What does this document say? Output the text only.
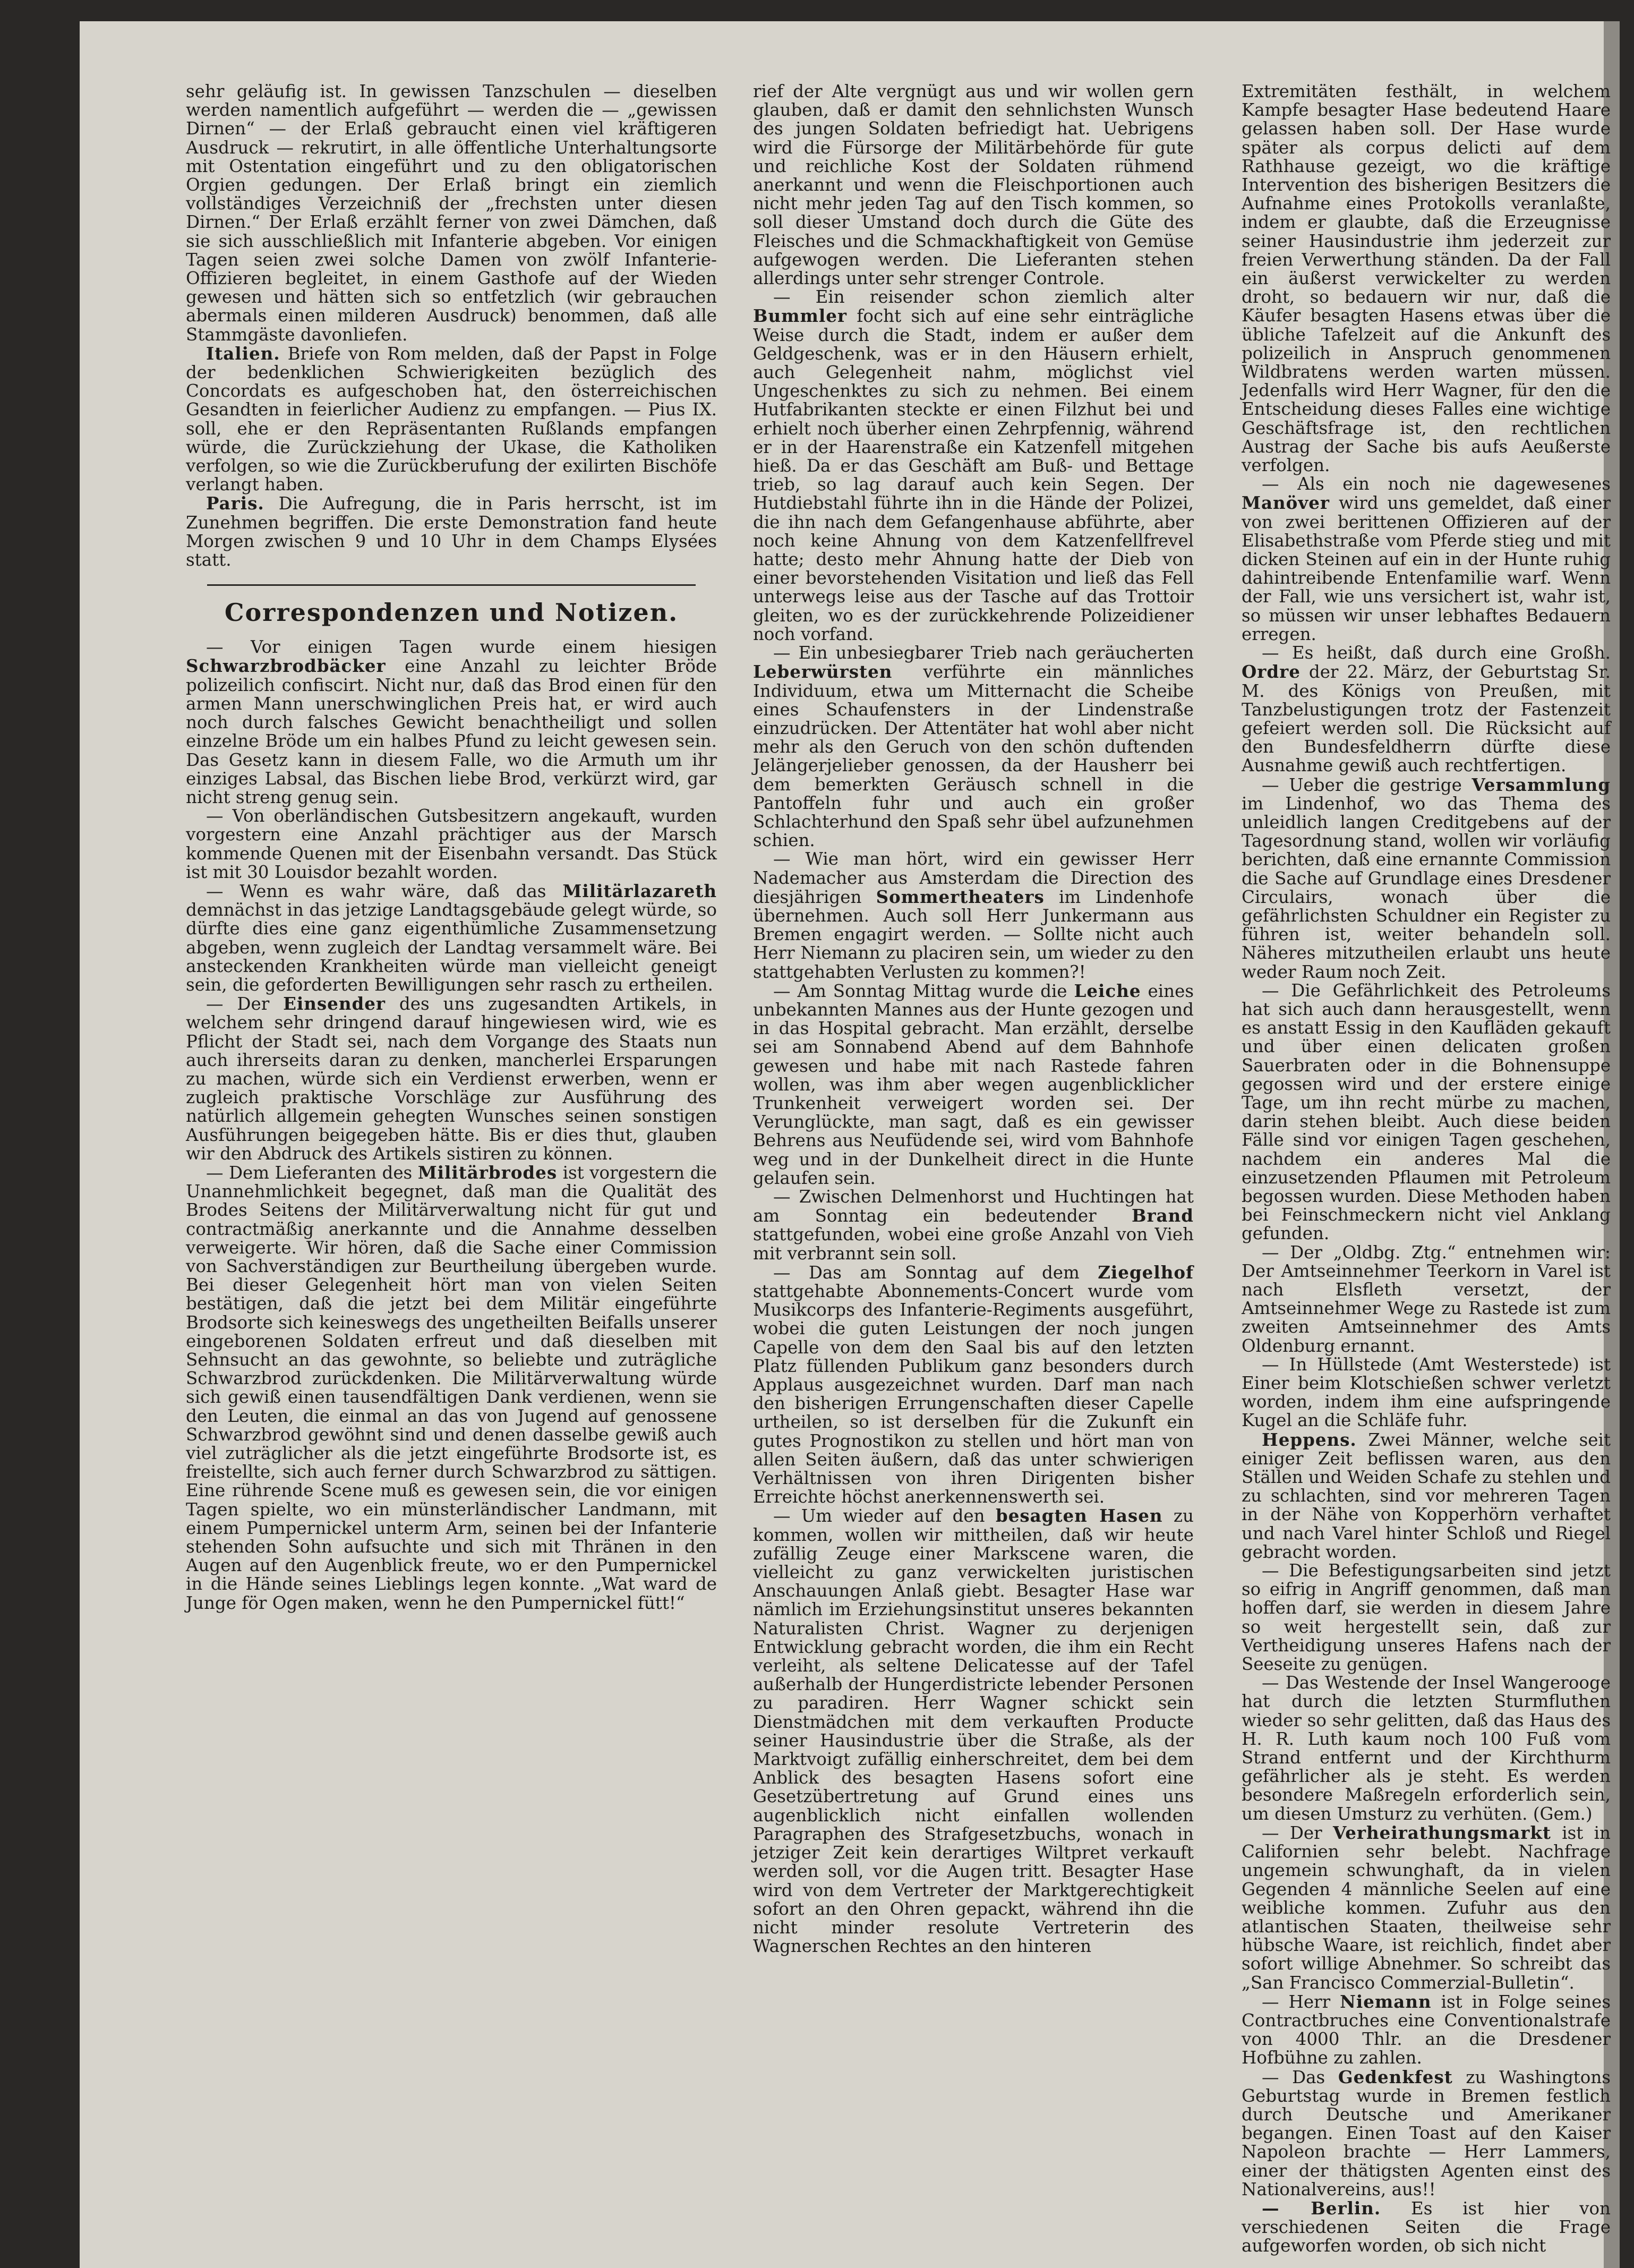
sehr geläufig ist. In gewissen Tanzschulen — dieselben werden namentlich aufgeführt — werden die — „gewissen Dirnen“ — der Erlaß gebraucht einen viel kräftigeren Ausdruck — rekrutirt, in alle öffentliche Unterhaltungsorte mit Ostentation eingeführt und zu den obligatorischen Orgien gedungen. Der Erlaß bringt ein ziemlich vollständiges Verzeichniß der „frechsten unter diesen Dirnen.“ Der Erlaß erzählt ferner von zwei Dämchen, daß sie sich ausschließlich mit Infanterie abgeben. Vor einigen Tagen seien zwei solche Damen von zwölf Infanterie-Offizieren begleitet, in einem Gasthofe auf der Wieden gewesen und hätten sich so entfetzlich (wir gebrauchen abermals einen milderen Ausdruck) benommen, daß alle Stammgäste davonliefen.

Italien. Briefe von Rom melden, daß der Papst in Folge der bedenklichen Schwierigkeiten bezüglich des Concordats es aufgeschoben hat, den österreichischen Gesandten in feierlicher Audienz zu empfangen. — Pius IX. soll, ehe er den Repräsentanten Rußlands empfangen würde, die Zurückziehung der Ukase, die Katholiken verfolgen, so wie die Zurückberufung der exilirten Bischöfe verlangt haben.

Paris. Die Aufregung, die in Paris herrscht, ist im Zunehmen begriffen. Die erste Demonstration fand heute Morgen zwischen 9 und 10 Uhr in dem Champs Elysées statt.

Correspondenzen und Notizen.

— Vor einigen Tagen wurde einem hiesigen Schwarzbrodbäcker eine Anzahl zu leichter Bröde polizeilich confiscirt. Nicht nur, daß das Brod einen für den armen Mann unerschwinglichen Preis hat, er wird auch noch durch falsches Gewicht benachtheiligt und sollen einzelne Bröde um ein halbes Pfund zu leicht gewesen sein. Das Gesetz kann in diesem Falle, wo die Armuth um ihr einziges Labsal, das Bischen liebe Brod, verkürzt wird, gar nicht streng genug sein.

— Von oberländischen Gutsbesitzern angekauft, wurden vorgestern eine Anzahl prächtiger aus der Marsch kommende Quenen mit der Eisenbahn versandt. Das Stück ist mit 30 Louisdor bezahlt worden.

— Wenn es wahr wäre, daß das Militärlazareth demnächst in das jetzige Landtagsgebäude gelegt würde, so dürfte dies eine ganz eigenthümliche Zusammensetzung abgeben, wenn zugleich der Landtag versammelt wäre. Bei ansteckenden Krankheiten würde man vielleicht geneigt sein, die geforderten Bewilligungen sehr rasch zu ertheilen.

— Der Einsender des uns zugesandten Artikels, in welchem sehr dringend darauf hingewiesen wird, wie es Pflicht der Stadt sei, nach dem Vorgange des Staats nun auch ihrerseits daran zu denken, mancherlei Ersparungen zu machen, würde sich ein Verdienst erwerben, wenn er zugleich praktische Vorschläge zur Ausführung des natürlich allgemein gehegten Wunsches seinen sonstigen Ausführungen beigegeben hätte. Bis er dies thut, glauben wir den Abdruck des Artikels sistiren zu können.

— Dem Lieferanten des Militärbrodes ist vorgestern die Unannehmlichkeit begegnet, daß man die Qualität des Brodes Seitens der Militärverwaltung nicht für gut und contractmäßig anerkannte und die Annahme desselben verweigerte. Wir hören, daß die Sache einer Commission von Sachverständigen zur Beurtheilung übergeben wurde. Bei dieser Gelegenheit hört man von vielen Seiten bestätigen, daß die jetzt bei dem Militär eingeführte Brodsorte sich keineswegs des ungetheilten Beifalls unserer eingeborenen Soldaten erfreut und daß dieselben mit Sehnsucht an das gewohnte, so beliebte und zuträgliche Schwarzbrod zurückdenken. Die Militärverwaltung würde sich gewiß einen tausendfältigen Dank verdienen, wenn sie den Leuten, die einmal an das von Jugend auf genossene Schwarzbrod gewöhnt sind und denen dasselbe gewiß auch viel zuträglicher als die jetzt eingeführte Brodsorte ist, es freistellte, sich auch ferner durch Schwarzbrod zu sättigen. Eine rührende Scene muß es gewesen sein, die vor einigen Tagen spielte, wo ein münsterländischer Landmann, mit einem Pumpernickel unterm Arm, seinen bei der Infanterie stehenden Sohn aufsuchte und sich mit Thränen in den Augen auf den Augenblick freute, wo er den Pumpernickel in die Hände seines Lieblings legen konnte. „Wat ward de Junge för Ogen maken, wenn he den Pumpernickel fütt!“

rief der Alte vergnügt aus und wir wollen gern glauben, daß er damit den sehnlichsten Wunsch des jungen Soldaten befriedigt hat. Uebrigens wird die Fürsorge der Militärbehörde für gute und reichliche Kost der Soldaten rühmend anerkannt und wenn die Fleischportionen auch nicht mehr jeden Tag auf den Tisch kommen, so soll dieser Umstand doch durch die Güte des Fleisches und die Schmackhaftigkeit von Gemüse aufgewogen werden. Die Lieferanten stehen allerdings unter sehr strenger Controle.

— Ein reisender schon ziemlich alter Bummler focht sich auf eine sehr einträgliche Weise durch die Stadt, indem er außer dem Geldgeschenk, was er in den Häusern erhielt, auch Gelegenheit nahm, möglichst viel Ungeschenktes zu sich zu nehmen. Bei einem Hutfabrikanten steckte er einen Filzhut bei und erhielt noch überher einen Zehrpfennig, während er in der Haarenstraße ein Katzenfell mitgehen hieß. Da er das Geschäft am Buß- und Bettage trieb, so lag darauf auch kein Segen. Der Hutdiebstahl führte ihn in die Hände der Polizei, die ihn nach dem Gefangenhause abführte, aber noch keine Ahnung von dem Katzenfellfrevel hatte; desto mehr Ahnung hatte der Dieb von einer bevorstehenden Visitation und ließ das Fell unterwegs leise aus der Tasche auf das Trottoir gleiten, wo es der zurückkehrende Polizeidiener noch vorfand.

— Ein unbesiegbarer Trieb nach geräucherten Leberwürsten verführte ein männliches Individuum, etwa um Mitternacht die Scheibe eines Schaufensters in der Lindenstraße einzudrücken. Der Attentäter hat wohl aber nicht mehr als den Geruch von den schön duftenden Jelängerjelieber genossen, da der Hausherr bei dem bemerkten Geräusch schnell in die Pantoffeln fuhr und auch ein großer Schlachterhund den Spaß sehr übel aufzunehmen schien.

— Wie man hört, wird ein gewisser Herr Nademacher aus Amsterdam die Direction des diesjährigen Sommertheaters im Lindenhofe übernehmen. Auch soll Herr Junkermann aus Bremen engagirt werden. — Sollte nicht auch Herr Niemann zu placiren sein, um wieder zu den stattgehabten Verlusten zu kommen?!

— Am Sonntag Mittag wurde die Leiche eines unbekannten Mannes aus der Hunte gezogen und in das Hospital gebracht. Man erzählt, derselbe sei am Sonnabend Abend auf dem Bahnhofe gewesen und habe mit nach Rastede fahren wollen, was ihm aber wegen augenblicklicher Trunkenheit verweigert worden sei. Der Verunglückte, man sagt, daß es ein gewisser Behrens aus Neufüdende sei, wird vom Bahnhofe weg und in der Dunkelheit direct in die Hunte gelaufen sein.

— Zwischen Delmenhorst und Huchtingen hat am Sonntag ein bedeutender Brand stattgefunden, wobei eine große Anzahl von Vieh mit verbrannt sein soll.

— Das am Sonntag auf dem Ziegelhof stattgehabte Abonnements-Concert wurde vom Musikcorps des Infanterie-Regiments ausgeführt, wobei die guten Leistungen der noch jungen Capelle von dem den Saal bis auf den letzten Platz füllenden Publikum ganz besonders durch Applaus ausgezeichnet wurden. Darf man nach den bisherigen Errungenschaften dieser Capelle urtheilen, so ist derselben für die Zukunft ein gutes Prognostikon zu stellen und hört man von allen Seiten äußern, daß das unter schwierigen Verhältnissen von ihren Dirigenten bisher Erreichte höchst anerkennenswerth sei.

— Um wieder auf den besagten Hasen zu kommen, wollen wir mittheilen, daß wir heute zufällig Zeuge einer Markscene waren, die vielleicht zu ganz verwickelten juristischen Anschauungen Anlaß giebt. Besagter Hase war nämlich im Erziehungsinstitut unseres bekannten Naturalisten Christ. Wagner zu derjenigen Entwicklung gebracht worden, die ihm ein Recht verleiht, als seltene Delicatesse auf der Tafel außerhalb der Hungerdistricte lebender Personen zu paradiren. Herr Wagner schickt sein Dienstmädchen mit dem verkauften Producte seiner Hausindustrie über die Straße, als der Marktvoigt zufällig einherschreitet, dem bei dem Anblick des besagten Hasens sofort eine Gesetzübertretung auf Grund eines uns augenblicklich nicht einfallen wollenden Paragraphen des Strafgesetzbuchs, wonach in jetziger Zeit kein derartiges Wiltpret verkauft werden soll, vor die Augen tritt. Besagter Hase wird von dem Vertreter der Marktgerechtigkeit sofort an den Ohren gepackt, während ihn die nicht minder resolute Vertreterin des Wagnerschen Rechtes an den hinteren

Extremitäten festhält, in welchem Kampfe besagter Hase bedeutend Haare gelassen haben soll. Der Hase wurde später als corpus delicti auf dem Rathhause gezeigt, wo die kräftige Intervention des bisherigen Besitzers die Aufnahme eines Protokolls veranlaßte, indem er glaubte, daß die Erzeugnisse seiner Hausindustrie ihm jederzeit zur freien Verwerthung ständen. Da der Fall ein äußerst verwickelter zu werden droht, so bedauern wir nur, daß die Käufer besagten Hasens etwas über die übliche Tafelzeit auf die Ankunft des polizeilich in Anspruch genommenen Wildbratens werden warten müssen. Jedenfalls wird Herr Wagner, für den die Entscheidung dieses Falles eine wichtige Geschäftsfrage ist, den rechtlichen Austrag der Sache bis aufs Aeußerste verfolgen.

— Als ein noch nie dagewesenes Manöver wird uns gemeldet, daß einer von zwei berittenen Offizieren auf der Elisabethstraße vom Pferde stieg und mit dicken Steinen auf ein in der Hunte ruhig dahintreibende Entenfamilie warf. Wenn der Fall, wie uns versichert ist, wahr ist, so müssen wir unser lebhaftes Bedauern erregen.

— Es heißt, daß durch eine Großh. Ordre der 22. März, der Geburtstag Sr. M. des Königs von Preußen, mit Tanzbelustigungen trotz der Fastenzeit gefeiert werden soll. Die Rücksicht auf den Bundesfeldherrn dürfte diese Ausnahme gewiß auch rechtfertigen.

— Ueber die gestrige Versammlung im Lindenhof, wo das Thema des unleidlich langen Creditgebens auf der Tagesordnung stand, wollen wir vorläufig berichten, daß eine ernannte Commission die Sache auf Grundlage eines Dresdener Circulairs, wonach über die gefährlichsten Schuldner ein Register zu führen ist, weiter behandeln soll. Näheres mitzutheilen erlaubt uns heute weder Raum noch Zeit.

— Die Gefährlichkeit des Petroleums hat sich auch dann herausgestellt, wenn es anstatt Essig in den Kaufläden gekauft und über einen delicaten großen Sauerbraten oder in die Bohnensuppe gegossen wird und der erstere einige Tage, um ihn recht mürbe zu machen, darin stehen bleibt. Auch diese beiden Fälle sind vor einigen Tagen geschehen, nachdem ein anderes Mal die einzusetzenden Pflaumen mit Petroleum begossen wurden. Diese Methoden haben bei Feinschmeckern nicht viel Anklang gefunden.

— Der „Oldbg. Ztg.“ entnehmen wir: Der Amtseinnehmer Teerkorn in Varel ist nach Elsfleth versetzt, der Amtseinnehmer Wege zu Rastede ist zum zweiten Amtseinnehmer des Amts Oldenburg ernannt.

— In Hüllstede (Amt Westerstede) ist Einer beim Klotschießen schwer verletzt worden, indem ihm eine aufspringende Kugel an die Schläfe fuhr.

Heppens. Zwei Männer, welche seit einiger Zeit beflissen waren, aus den Ställen und Weiden Schafe zu stehlen und zu schlachten, sind vor mehreren Tagen in der Nähe von Kopperhörn verhaftet und nach Varel hinter Schloß und Riegel gebracht worden.

— Die Befestigungsarbeiten sind jetzt so eifrig in Angriff genommen, daß man hoffen darf, sie werden in diesem Jahre so weit hergestellt sein, daß zur Vertheidigung unseres Hafens nach der Seeseite zu genügen.

— Das Westende der Insel Wangerooge hat durch die letzten Sturmfluthen wieder so sehr gelitten, daß das Haus des H. R. Luth kaum noch 100 Fuß vom Strand entfernt und der Kirchthurm gefährlicher als je steht. Es werden besondere Maßregeln erforderlich sein, um diesen Umsturz zu verhüten. (Gem.)

— Der Verheirathungsmarkt ist in Californien sehr belebt. Nachfrage ungemein schwunghaft, da in vielen Gegenden 4 männliche Seelen auf eine weibliche kommen. Zufuhr aus den atlantischen Staaten, theilweise sehr hübsche Waare, ist reichlich, findet aber sofort willige Abnehmer. So schreibt das „San Francisco Commerzial-Bulletin“.

— Herr Niemann ist in Folge seines Contractbruches eine Conventionalstrafe von 4000 Thlr. an die Dresdener Hofbühne zu zahlen.

— Das Gedenkfest zu Washingtons Geburtstag wurde in Bremen festlich durch Deutsche und Amerikaner begangen. Einen Toast auf den Kaiser Napoleon brachte — Herr Lammers, einer der thätigsten Agenten einst des Nationalvereins, aus!!

— Berlin. Es ist hier von verschiedenen Seiten die Frage aufgeworfen worden, ob sich nicht
